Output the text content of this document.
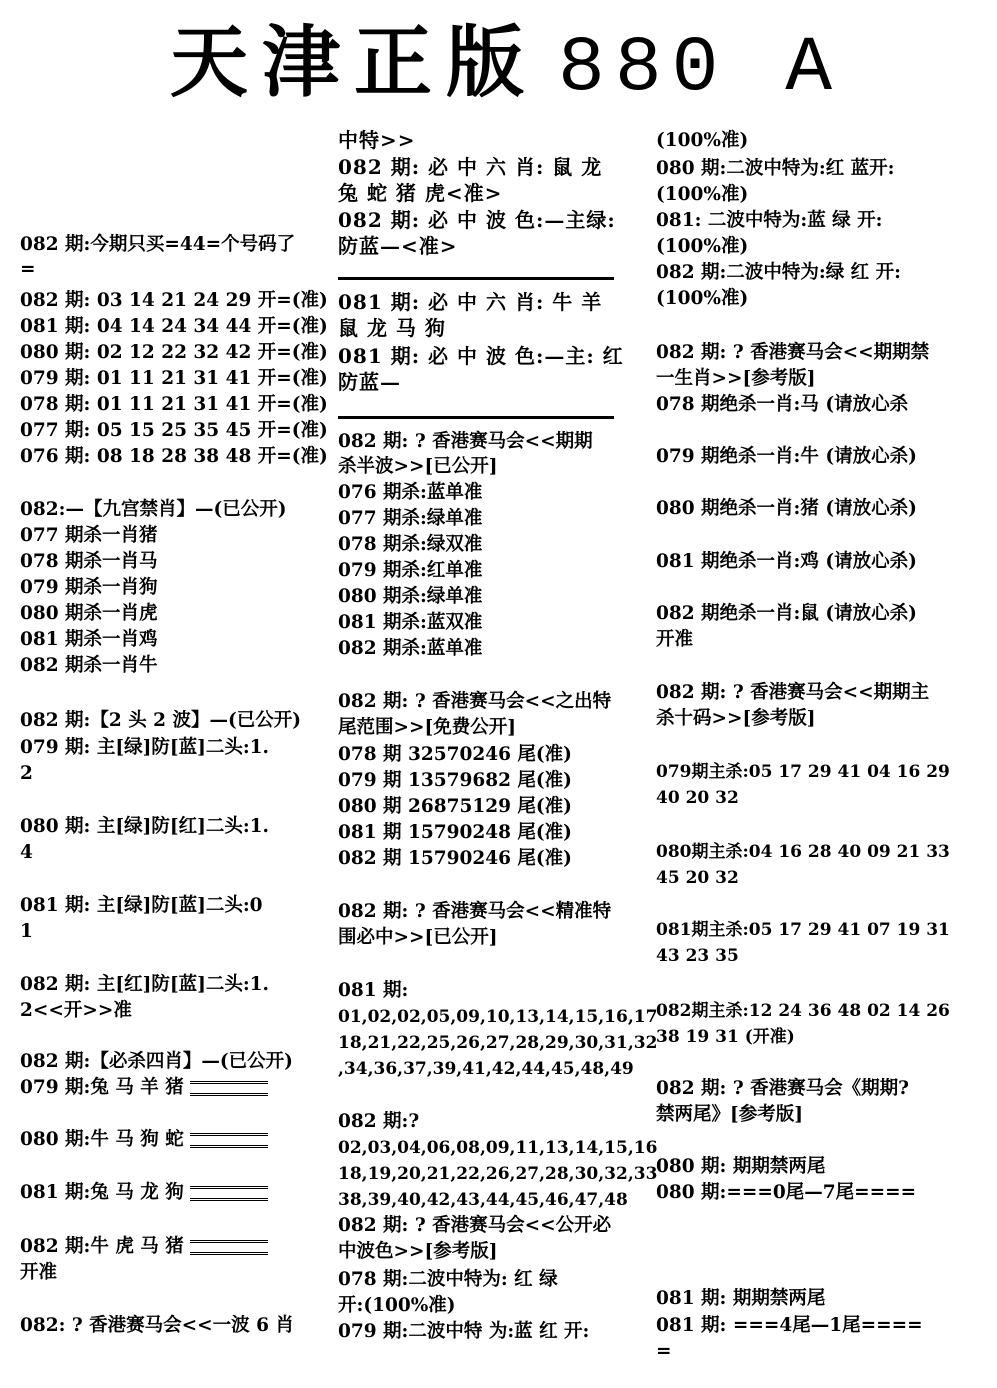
天津正版 880 A
082 期:今期只买=44=个号码了
=
082 期: 03 14 21 24 29 开=(准)
081 期: 04 14 24 34 44 开=(准)
080 期: 02 12 22 32 42 开=(准)
079 期: 01 11 21 31 41 开=(准)
078 期: 01 11 21 31 41 开=(准)
077 期: 05 15 25 35 45 开=(准)
076 期: 08 18 28 38 48 开=(准)
082:—【九宫禁肖】—(已公开)
077 期杀一肖猪
078 期杀一肖马
079 期杀一肖狗
080 期杀一肖虎
081 期杀一肖鸡
082 期杀一肖牛
082 期:【2 头 2 波】—(已公开)
079 期: 主[绿]防[蓝]二头:1.
2
080 期: 主[绿]防[红]二头:1.
4
081 期: 主[绿]防[蓝]二头:0
1
082 期: 主[红]防[蓝]二头:1.
2<<开>>准
082 期:【必杀四肖】—(已公开)
079 期:兔 马 羊 猪
080 期:牛 马 狗 蛇
081 期:兔 马 龙 狗
082 期:牛 虎 马 猪
开准
082: ? 香港赛马会<<一波 6 肖
中特>>
082 期: 必 中 六 肖: 鼠 龙
兔 蛇 猪 虎<准>
082 期: 必 中 波 色:—主绿:
防蓝—<准>
081 期: 必 中 六 肖: 牛 羊
鼠 龙 马 狗
081 期: 必 中 波 色:—主: 红
防蓝—
082 期: ? 香港赛马会<<期期
杀半波>>[已公开]
076 期杀:蓝单准
077 期杀:绿单准
078 期杀:绿双准
079 期杀:红单准
080 期杀:绿单准
081 期杀:蓝双准
082 期杀:蓝单准
082 期: ? 香港赛马会<<之出特
尾范围>>[免费公开]
078 期 32570246 尾(准)
079 期 13579682 尾(准)
080 期 26875129 尾(准)
081 期 15790248 尾(准)
082 期 15790246 尾(准)
082 期: ? 香港赛马会<<精准特
围必中>>[已公开]
081 期:
01,02,02,05,09,10,13,14,15,16,17
18,21,22,25,26,27,28,29,30,31,32
,34,36,37,39,41,42,44,45,48,49
082 期:?
02,03,04,06,08,09,11,13,14,15,16
18,19,20,21,22,26,27,28,30,32,33
38,39,40,42,43,44,45,46,47,48
082 期: ? 香港赛马会<<公开必
中波色>>[参考版]
078 期:二波中特为: 红 绿
开:(100%准)
079 期:二波中特 为:蓝 红 开:
(100%准)
080 期:二波中特为:红 蓝开:
(100%准)
081: 二波中特为:蓝 绿 开:
(100%准)
082 期:二波中特为:绿 红 开:
(100%准)
082 期: ? 香港赛马会<<期期禁
一生肖>>[参考版]
078 期绝杀一肖:马 (请放心杀
079 期绝杀一肖:牛 (请放心杀)
080 期绝杀一肖:猪 (请放心杀)
081 期绝杀一肖:鸡 (请放心杀)
082 期绝杀一肖:鼠 (请放心杀)
开准
082 期: ? 香港赛马会<<期期主
杀十码>>[参考版]
079期主杀:05 17 29 41 04 16 29
40 20 32
080期主杀:04 16 28 40 09 21 33
45 20 32
081期主杀:05 17 29 41 07 19 31
43 23 35
082期主杀:12 24 36 48 02 14 26
38 19 31 (开准)
082 期: ? 香港赛马会《期期?
禁两尾》[参考版]
080 期: 期期禁两尾
080 期:===0尾—7尾====
081 期: 期期禁两尾
081 期: ===4尾—1尾====
=
